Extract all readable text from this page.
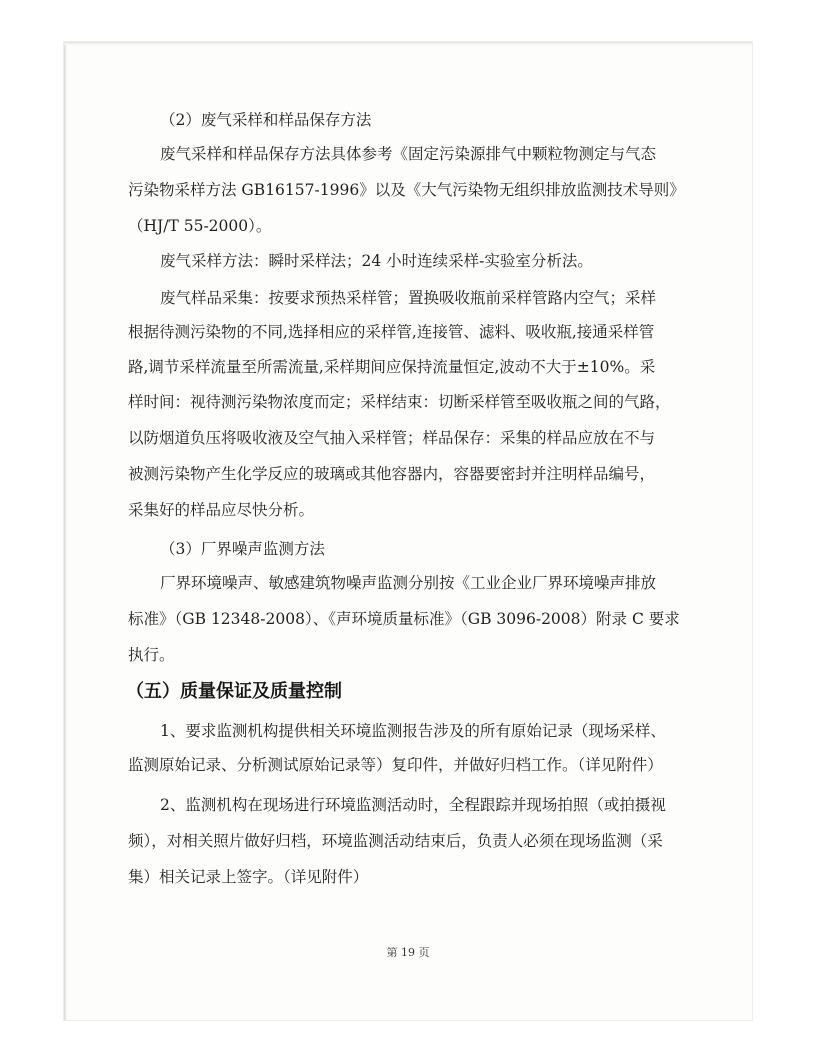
（2）废气采样和样品保存方法
废气采样和样品保存方法具体参考《固定污染源排气中颗粒物测定与气态
污染物采样方法 GB16157-1996》以及《大气污染物无组织排放监测技术导则》
（HJ/T 55-2000）。
废气采样方法：瞬时采样法；24 小时连续采样-实验室分析法。
废气样品采集：按要求预热采样管；置换吸收瓶前采样管路内空气；采样
根据待测污染物的不同,选择相应的采样管,连接管、滤料、吸收瓶,接通采样管
路,调节采样流量至所需流量,采样期间应保持流量恒定,波动不大于±10%。采
样时间：视待测污染物浓度而定；采样结束：切断采样管至吸收瓶之间的气路，
以防烟道负压将吸收液及空气抽入采样管；样品保存：采集的样品应放在不与
被测污染物产生化学反应的玻璃或其他容器内，容器要密封并注明样品编号，
采集好的样品应尽快分析。
（3）厂界噪声监测方法
厂界环境噪声、敏感建筑物噪声监测分别按《工业企业厂界环境噪声排放
标准》（GB 12348-2008）、《声环境质量标准》（GB 3096-2008）附录 C 要求
执行。
（五）质量保证及质量控制
1、要求监测机构提供相关环境监测报告涉及的所有原始记录（现场采样、
监测原始记录、分析测试原始记录等）复印件，并做好归档工作。（详见附件）
2、监测机构在现场进行环境监测活动时，全程跟踪并现场拍照（或拍摄视
频），对相关照片做好归档，环境监测活动结束后，负责人必须在现场监测（采
集）相关记录上签字。（详见附件）
第 19 页
